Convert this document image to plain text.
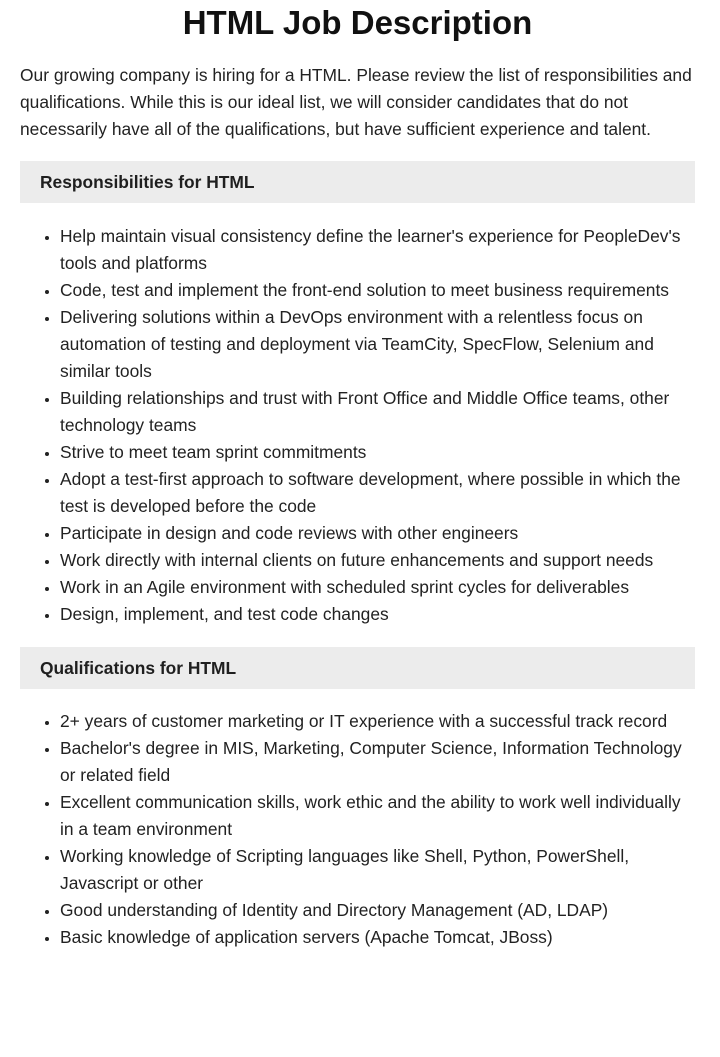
HTML Job Description

Our growing company is hiring for a HTML. Please review the list of responsibilities and qualifications. While this is our ideal list, we will consider candidates that do not necessarily have all of the qualifications, but have sufficient experience and talent.

Responsibilities for HTML
• Help maintain visual consistency define the learner's experience for PeopleDev's tools and platforms
• Code, test and implement the front-end solution to meet business requirements
• Delivering solutions within a DevOps environment with a relentless focus on automation of testing and deployment via TeamCity, SpecFlow, Selenium and similar tools
• Building relationships and trust with Front Office and Middle Office teams, other technology teams
• Strive to meet team sprint commitments
• Adopt a test-first approach to software development, where possible in which the test is developed before the code
• Participate in design and code reviews with other engineers
• Work directly with internal clients on future enhancements and support needs
• Work in an Agile environment with scheduled sprint cycles for deliverables
• Design, implement, and test code changes
Qualifications for HTML
• 2+ years of customer marketing or IT experience with a successful track record
• Bachelor's degree in MIS, Marketing, Computer Science, Information Technology or related field
• Excellent communication skills, work ethic and the ability to work well individually in a team environment
• Working knowledge of Scripting languages like Shell, Python, PowerShell, Javascript or other
• Good understanding of Identity and Directory Management (AD, LDAP)
• Basic knowledge of application servers (Apache Tomcat, JBoss)
